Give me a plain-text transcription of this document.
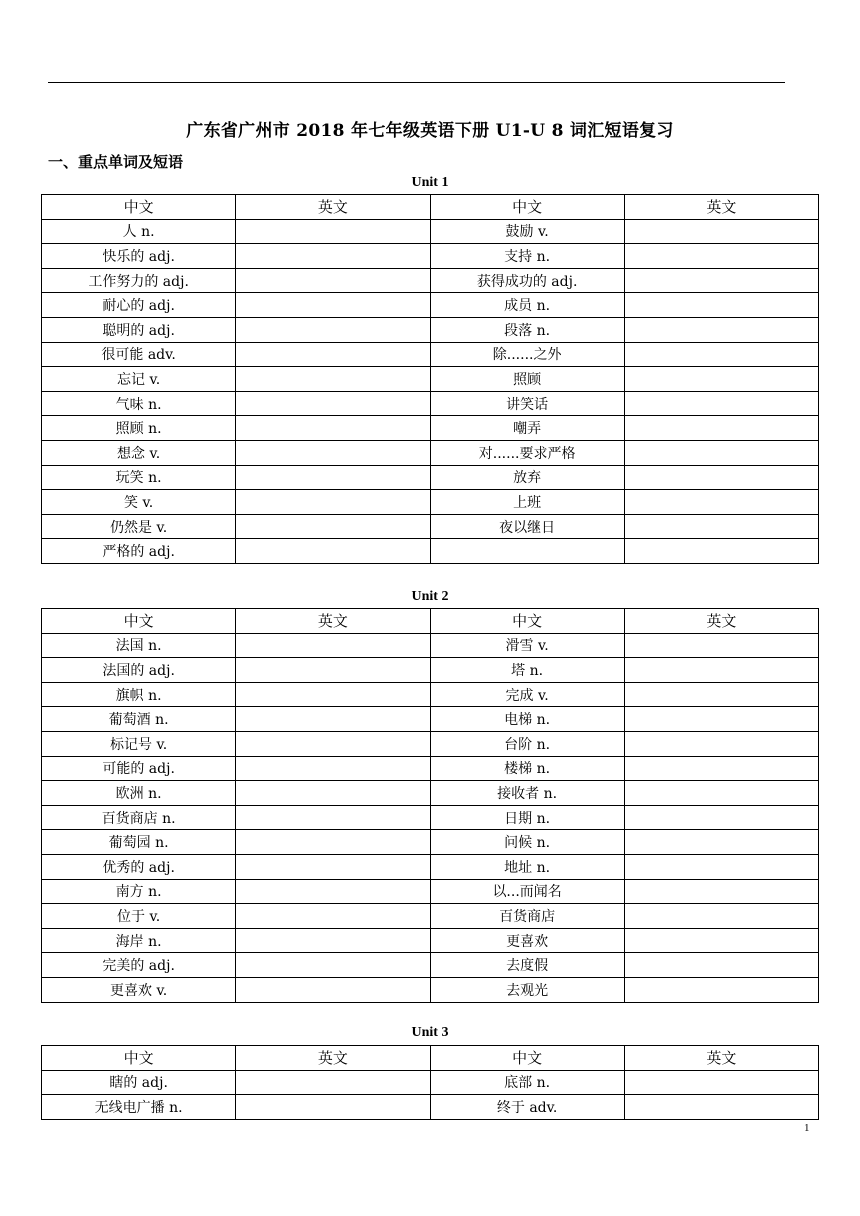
广东省广州市 2018 年七年级英语下册 U1-U 8 词汇短语复习
一、重点单词及短语
Unit 1
中文	英文	中文	英文
人 n.		鼓励 v.	
快乐的 adj.		支持 n.	
工作努力的 adj.		获得成功的 adj.	
耐心的 adj.		成员 n.	
聪明的 adj.		段落 n.	
很可能 adv.		除......之外	
忘记 v.		照顾	
气味 n.		讲笑话	
照顾 n.		嘲弄	
想念 v.		对......要求严格	
玩笑 n.		放弃	
笑 v.		上班	
仍然是 v.		夜以继日	
严格的 adj.			
Unit 2
中文	英文	中文	英文
法国 n.		滑雪 v.	
法国的 adj.		塔 n.	
旗帜 n.		完成 v.	
葡萄酒 n.		电梯 n.	
标记号 v.		台阶 n.	
可能的 adj.		楼梯 n.	
欧洲 n.		接收者 n.	
百货商店 n.		日期 n.	
葡萄园 n.		问候 n.	
优秀的 adj.		地址 n.	
南方 n.		以...而闻名	
位于 v.		百货商店	
海岸 n.		更喜欢	
完美的 adj.		去度假	
更喜欢 v.		去观光	
Unit 3
中文	英文	中文	英文
瞎的 adj.		底部 n.	
无线电广播 n.		终于 adv.	
1
